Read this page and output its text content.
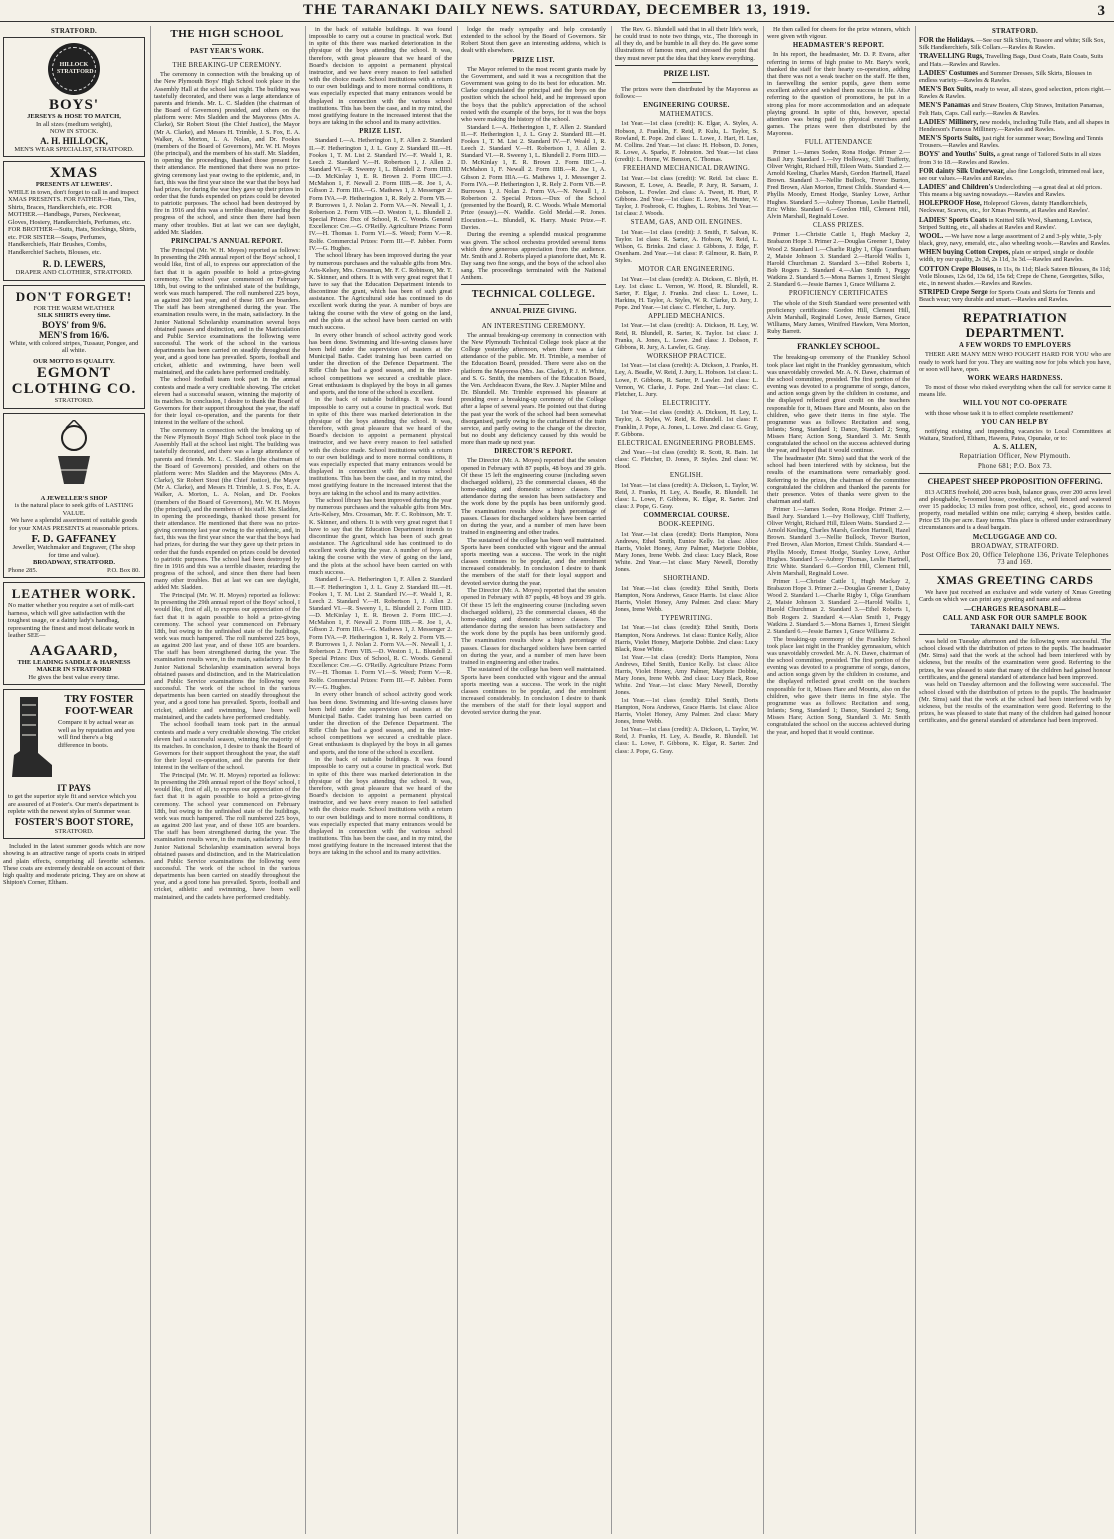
THE TARANAKI DAILY NEWS. SATURDAY, DECEMBER 13, 1919.	3
STRATFORD.
HILLOCK STRATFORD
BOYS'
JERSEYS & HOSE TO MATCH,
In all sizes (medium weight),
NOW IN STOCK.
A. H. HILLOCK,
MEN'S WEAR SPECIALIST, STRATFORD.
XMAS
PRESENTS AT LEWERS'.
WHILE in town, don't forget to call in and inspect XMAS PRESENTS. FOR FATHER—Hats, Ties, Shirts, Braces, Handkerchiefs, etc. FOR MOTHER.—Handbags, Purses, Neckwear, Gloves, Hosiery, Handkerchiefs, Perfumes, etc. FOR BROTHER—Suits, Hats, Stockings, Shirts, etc. FOR SISTER—Soaps, Perfumes, Handkerchiefs, Hair Brushes, Combs, Handkerchief Sachets, Blouses, etc.
R. D. LEWERS,
DRAPER AND CLOTHIER, STRATFORD.
DON'T FORGET!
FOR THE WARM WEATHER
SILK SHIRTS every time.
BOYS' from 9/6.
MEN'S from 16/6.
White, with colored stripes, Tussaur, Pongee, and all white.
OUR MOTTO IS QUALITY.
EGMONT
CLOTHING CO.
STRATFORD.
A JEWELLER'S SHOP
is the natural place to seek gifts of LASTING VALUE.
We have a splendid assortment of suitable goods for your XMAS PRESENTS at reasonable prices.
F. D. GAFFANEY
Jeweller, Watchmaker and Engraver, (The shop for time and value).
BROADWAY, STRATFORD.
Phone 285.	P.O. Box 80.
LEATHER WORK.
No matter whether you require a set of milk-cart harness, which will give satisfaction with the toughest usage, or a dainty lady's handbag, representing the finest and most delicate work in leather SEE—
AAGAARD,
THE LEADING SADDLE & HARNESS MAKER IN STRATFORD
He gives the best value every time.
TRY FOSTER FOOT-WEAR
Compare it by actual wear as well as by reputation and you will find there's a big difference in boots.
IT PAYS
to get the superior style fit and service which you are assured of at Foster's. Our men's department is replete with the newest styles of Summer wear.
FOSTER'S BOOT STORE,
STRATFORD.

Included in the latest summer goods which are now showing is an attractive range of sports coats in striped and plain effects, comprising all favorite schemes. These coats are extremely desirable on account of their high quality and moderate pricing. They are on show at Shipton's Corner, Eltham.

THE HIGH SCHOOL
PAST YEAR'S WORK.
THE BREAKING-UP CEREMONY.

The ceremony in connection with the breaking up of the New Plymouth Boys' High School took place in the Assembly Hall at the school last night. The building was tastefully decorated, and there was a large attendance of parents and friends. Mr. L. C. Sladden (the chairman of the Board of Governors) presided, and others on the platform were: Mrs Sladden and the Mayoress (Mrs A. Clarke), Sir Robert Stout (the Chief Justice), the Mayor (Mr A. Clarke), and Messrs H. Trimble, J. S. Fox, E. A. Walker, A. Morton, L. A. Nolan, and Dr. Fookes (members of the Board of Governors), Mr. W. H. Moyes (the principal), and the members of his staff. Mr. Sladden, in opening the proceedings, thanked those present for their attendance. He mentioned that there was no prize-giving ceremony last year owing to the epidemic, and, in fact, this was the first year since the war that the boys had had prizes, for during the war they gave up their prizes in order that the funds expended on prizes could be devoted to patriotic purposes. The school had been destroyed by fire in 1916 and this was a terrible disaster, retarding the progress of the school, and since then there had been many other troubles. But at last we can see daylight, added Mr. Sladden.

PRINCIPAL'S ANNUAL REPORT.

The Principal (Mr. W. H. Moyes) reported as follows: In presenting the 29th annual report of the Boys' school, I would like, first of all, to express our appreciation of the fact that it is again possible to hold a prize-giving ceremony. The school year commenced on February 18th, but owing to the unfinished state of the buildings, work was much hampered. The roll numbered 225 boys, as against 200 last year, and of these 105 are boarders. The staff has been strengthened during the year. The examination results were, in the main, satisfactory. In the Junior National Scholarship examination several boys obtained passes and distinction, and in the Matriculation and Public Service examinations the following were successful. The work of the school in the various departments has been carried on steadily throughout the year, and a good tone has prevailed. Sports, football and cricket, athletic and swimming, have been well maintained, and the cadets have performed creditably.

The school football team took part in the annual contests and made a very creditable showing. The cricket eleven had a successful season, winning the majority of its matches. In conclusion, I desire to thank the Board of Governors for their support throughout the year, the staff for their loyal co-operation, and the parents for their interest in the welfare of the school.

The ceremony in connection with the breaking up of the New Plymouth Boys' High School took place in the Assembly Hall at the school last night. The building was tastefully decorated, and there was a large attendance of parents and friends. Mr. L. C. Sladden (the chairman of the Board of Governors) presided, and others on the platform were: Mrs Sladden and the Mayoress (Mrs A. Clarke), Sir Robert Stout (the Chief Justice), the Mayor (Mr A. Clarke), and Messrs H. Trimble, J. S. Fox, E. A. Walker, A. Morton, L. A. Nolan, and Dr. Fookes (members of the Board of Governors), Mr. W. H. Moyes (the principal), and the members of his staff. Mr. Sladden, in opening the proceedings, thanked those present for their attendance. He mentioned that there was no prize-giving ceremony last year owing to the epidemic, and, in fact, this was the first year since the war that the boys had had prizes, for during the war they gave up their prizes in order that the funds expended on prizes could be devoted to patriotic purposes. The school had been destroyed by fire in 1916 and this was a terrible disaster, retarding the progress of the school, and since then there had been many other troubles. But at last we can see daylight, added Mr. Sladden.

The Principal (Mr. W. H. Moyes) reported as follows: In presenting the 29th annual report of the Boys' school, I would like, first of all, to express our appreciation of the fact that it is again possible to hold a prize-giving ceremony. The school year commenced on February 18th, but owing to the unfinished state of the buildings, work was much hampered. The roll numbered 225 boys, as against 200 last year, and of these 105 are boarders. The staff has been strengthened during the year. The examination results were, in the main, satisfactory. In the Junior National Scholarship examination several boys obtained passes and distinction, and in the Matriculation and Public Service examinations the following were successful. The work of the school in the various departments has been carried on steadily throughout the year, and a good tone has prevailed. Sports, football and cricket, athletic and swimming, have been well maintained, and the cadets have performed creditably.

The school football team took part in the annual contests and made a very creditable showing. The cricket eleven had a successful season, winning the majority of its matches. In conclusion, I desire to thank the Board of Governors for their support throughout the year, the staff for their loyal co-operation, and the parents for their interest in the welfare of the school.

The Principal (Mr. W. H. Moyes) reported as follows: In presenting the 29th annual report of the Boys' school, I would like, first of all, to express our appreciation of the fact that it is again possible to hold a prize-giving ceremony. The school year commenced on February 18th, but owing to the unfinished state of the buildings, work was much hampered. The roll numbered 225 boys, as against 200 last year, and of these 105 are boarders. The staff has been strengthened during the year. The examination results were, in the main, satisfactory. In the Junior National Scholarship examination several boys obtained passes and distinction, and in the Matriculation and Public Service examinations the following were successful. The work of the school in the various departments has been carried on steadily throughout the year, and a good tone has prevailed. Sports, football and cricket, athletic and swimming, have been well maintained, and the cadets have performed creditably.

in the back of suitable buildings. It was found impossible to carry out a course in practical work. But in spite of this there was marked deterioration in the physique of the boys attending the school. It was, therefore, with great pleasure that we heard of the Board's decision to appoint a permanent physical instructor, and we have every reason to feel satisfied with the choice made. School institutions with a return to our own buildings and to more normal conditions, it was especially expected that many entrances would be displayed in connection with the various school institutions. This has been the case, and in my mind, the most gratifying feature in the increased interest that the boys are taking in the school and its many activities.

PRIZE LIST.

Standard I.—A. Hetherington 1, F. Allen 2. Standard II.—F. Hetherington 1, J. L. Gray 2. Standard III.—H. Fookes 1, T. M. List 2. Standard IV.—F. Weald 1, R. Leech 2. Standard V.—H. Robertson 1, J. Allen 2. Standard VI.—R. Sweeny 1, L. Blundell 2. Form IIID.—D. McKinlay 1, E. R. Brown 2. Form IIIC.—J. McMahon 1, F. Newall 2. Form IIIB.—R. Joe 1, A. Gibson 2. Form IIIA.—G. Mathews 1, J. Messenger 2. Form IVA.—P. Hetherington 1, R. Rely 2. Form VB.—P. Burrowes 1, J. Nolan 2. Form VA.—N. Newall 1, J. Robertson 2. Form VIB.—D. Weston 1, L. Blundell 2. Special Prizes: Dux of School, R. C. Woods. General Excellence: Cre.—G. O'Reilly. Agriculture Prizes: Form IV.—H. Thomas 1. Form VI.—S. Weed; Form V.—R. Rolfe. Commercial Prizes: Form III.—F. Jubber. Form IV.—G. Hughes.

The school library has been improved during the year by numerous purchases and the valuable gifts from Mrs. Aris-Kelsey, Mrs. Crossman, Mr. F. C. Robinson, Mr. T. K. Skinner, and others. It is with very great regret that I have to say that the Education Department intends to discontinue the grant, which has been of such great assistance. The Agricultural side has continued to do excellent work during the year. A number of boys are taking the course with the view of going on the land, and the plots at the school have been carried on with much success.

In every other branch of school activity good work has been done. Swimming and life-saving classes have been held under the supervision of masters at the Municipal Baths. Cadet training has been carried on under the direction of the Defence Department. The Rifle Club has had a good season, and in the inter-school competitions we secured a creditable place. Great enthusiasm is displayed by the boys in all games and sports, and the tone of the school is excellent.

in the back of suitable buildings. It was found impossible to carry out a course in practical work. But in spite of this there was marked deterioration in the physique of the boys attending the school. It was, therefore, with great pleasure that we heard of the Board's decision to appoint a permanent physical instructor, and we have every reason to feel satisfied with the choice made. School institutions with a return to our own buildings and to more normal conditions, it was especially expected that many entrances would be displayed in connection with the various school institutions. This has been the case, and in my mind, the most gratifying feature in the increased interest that the boys are taking in the school and its many activities.

The school library has been improved during the year by numerous purchases and the valuable gifts from Mrs. Aris-Kelsey, Mrs. Crossman, Mr. F. C. Robinson, Mr. T. K. Skinner, and others. It is with very great regret that I have to say that the Education Department intends to discontinue the grant, which has been of such great assistance. The Agricultural side has continued to do excellent work during the year. A number of boys are taking the course with the view of going on the land, and the plots at the school have been carried on with much success.

Standard I.—A. Hetherington 1, F. Allen 2. Standard II.—F. Hetherington 1, J. L. Gray 2. Standard III.—H. Fookes 1, T. M. List 2. Standard IV.—F. Weald 1, R. Leech 2. Standard V.—H. Robertson 1, J. Allen 2. Standard VI.—R. Sweeny 1, L. Blundell 2. Form IIID.—D. McKinlay 1, E. R. Brown 2. Form IIIC.—J. McMahon 1, F. Newall 2. Form IIIB.—R. Joe 1, A. Gibson 2. Form IIIA.—G. Mathews 1, J. Messenger 2. Form IVA.—P. Hetherington 1, R. Rely 2. Form VB.—P. Burrowes 1, J. Nolan 2. Form VA.—N. Newall 1, J. Robertson 2. Form VIB.—D. Weston 1, L. Blundell 2. Special Prizes: Dux of School, R. C. Woods. General Excellence: Cre.—G. O'Reilly. Agriculture Prizes: Form IV.—H. Thomas 1. Form VI.—S. Weed; Form V.—R. Rolfe. Commercial Prizes: Form III.—F. Jubber. Form IV.—G. Hughes.

In every other branch of school activity good work has been done. Swimming and life-saving classes have been held under the supervision of masters at the Municipal Baths. Cadet training has been carried on under the direction of the Defence Department. The Rifle Club has had a good season, and in the inter-school competitions we secured a creditable place. Great enthusiasm is displayed by the boys in all games and sports, and the tone of the school is excellent.

in the back of suitable buildings. It was found impossible to carry out a course in practical work. But in spite of this there was marked deterioration in the physique of the boys attending the school. It was, therefore, with great pleasure that we heard of the Board's decision to appoint a permanent physical instructor, and we have every reason to feel satisfied with the choice made. School institutions with a return to our own buildings and to more normal conditions, it was especially expected that many entrances would be displayed in connection with the various school institutions. This has been the case, and in my mind, the most gratifying feature in the increased interest that the boys are taking in the school and its many activities.

lodge the ready sympathy and help constantly extended to the school by the Board of Governors. Sir Robert Stout then gave an interesting address, which is dealt with elsewhere.

PRIZE LIST.

The Mayor referred to the most recent grants made by the Government, and said it was a recognition that the Government was going to do its best for education. Mr. Clarke congratulated the principal and the boys on the position which the school held, and he impressed upon the boys that the public's appreciation of the school rested with the example of the boys, for it was the boys who were making the history of the school.

Standard I.—A. Hetherington 1, F. Allen 2. Standard II.—F. Hetherington 1, J. L. Gray 2. Standard III.—H. Fookes 1, T. M. List 2. Standard IV.—F. Weald 1, R. Leech 2. Standard V.—H. Robertson 1, J. Allen 2. Standard VI.—R. Sweeny 1, L. Blundell 2. Form IIID.—D. McKinlay 1, E. R. Brown 2. Form IIIC.—J. McMahon 1, F. Newall 2. Form IIIB.—R. Joe 1, A. Gibson 2. Form IIIA.—G. Mathews 1, J. Messenger 2. Form IVA.—P. Hetherington 1, R. Rely 2. Form VB.—P. Burrowes 1, J. Nolan 2. Form VA.—N. Newall 1, J. Robertson 2. Special Prizes.—Dux of the School (presented by the Board), R. C. Woods. Whale Memorial Prize (essay).—N. Waddle. Gold Medal.—R. Jones. Elocution.—L. Blundell, K. Harry. Music Prize.—F. Davies.

During the evening a splendid musical programme was given. The school orchestra provided several items which drew generous appreciation from the audience. Mr. Smith and J. Roberts played a pianoforte duet, Mr. R. Day sang two fine songs, and the boys of the school also sang. The proceedings terminated with the National Anthem.

TECHNICAL COLLEGE.
ANNUAL PRIZE GIVING.
AN INTERESTING CEREMONY.

The annual breaking-up ceremony in connection with the New Plymouth Technical College took place at the College yesterday afternoon, when there was a fair attendance of the public. Mr. H. Trimble, a member of the Education Board, presided. There were also on the platform the Mayoress (Mrs. Jas. Clarke), P. J. H. White, and S. G. Smith, the members of the Education Board, the Ven. Archdeacon Evans, the Rev. J. Napier Milne and Dr. Blundell. Mr. Trimble expressed his pleasure at presiding over a breaking-up ceremony of the College after a lapse of several years. He pointed out that during the past year the work of the school had been somewhat disorganised, partly owing to the curtailment of the train service, and partly owing to the change of the director, but no doubt any deficiency caused by this would be more than made up next year.

DIRECTOR'S REPORT.

The Director (Mr. A. Moyes) reported that the session opened in February with 87 pupils, 48 boys and 39 girls. Of these 15 left the engineering course (including seven discharged soldiers), 23 the commercial classes, 48 the home-making and domestic science classes. The attendance during the session has been satisfactory and the work done by the pupils has been uniformly good. The examination results show a high percentage of passes. Classes for discharged soldiers have been carried on during the year, and a number of men have been trained in engineering and other trades.

The sustained of the college has been well maintained. Sports have been conducted with vigour and the annual sports meeting was a success. The work in the night classes continues to be popular, and the enrolment increased considerably. In conclusion I desire to thank the members of the staff for their loyal support and devoted service during the year.

The Director (Mr. A. Moyes) reported that the session opened in February with 87 pupils, 48 boys and 39 girls. Of these 15 left the engineering course (including seven discharged soldiers), 23 the commercial classes, 48 the home-making and domestic science classes. The attendance during the session has been satisfactory and the work done by the pupils has been uniformly good. The examination results show a high percentage of passes. Classes for discharged soldiers have been carried on during the year, and a number of men have been trained in engineering and other trades.

The sustained of the college has been well maintained. Sports have been conducted with vigour and the annual sports meeting was a success. The work in the night classes continues to be popular, and the enrolment increased considerably. In conclusion I desire to thank the members of the staff for their loyal support and devoted service during the year.

The Rev. G. Blundell said that in all their life's work, he could trust to note two things, viz., The thorough in all they do, and be humble in all they do. He gave some illustrations of famous men, and stressed the point that they must never put the idea that they knew everything.

PRIZE LIST.

The prizes were then distributed by the Mayoress as follows:—

ENGINEERING COURSE.
MATHEMATICS.

1st Year.—1st class (credit): K. Elgar, A. Styles, A. Hobson, J. Franklin, F. Reid, P. Kulu, L. Taylor, S. Rowland, E. Pope. 2nd class: L. Lowe, J. Hart, H. Lee, M. Collins. 2nd Year.—1st class: H. Hobson, D. Jones, R. Lowe, A. Sparks, F. Johnston. 3rd Year.—1st class (credit): L. Horne, W. Benson, C. Thomas.

FREEHAND MECHANICAL DRAWING.

1st Year.—1st class (credit): W. Reid. 1st class: E. Rawson, E. Lowe, A. Beadle, P. Jury, R. Sarsam, J. Dobson, L. Fowler. 2nd class: A. Tweet, H. Hurt, P. Gibbons. 2nd Year.—1st class: E. Lowe, M. Hunter, V. Taylor, J. Fosbrook, C. Hughes, L. Robins. 3rd Year.—1st class: J. Woods.

STEAM, GAS, AND OIL ENGINES.

1st Year.—1st class (credit): J. Smith, F. Salvan, K. Taylor. 1st class: R. Sarter, A. Hobson, W. Reid, L. Wilson, G. Brinks. 2nd class: J. Gibbons, J. Edge, F. Oxenham. 2nd Year.—1st class: P. Gilmour, R. Bain, P. Styles.

MOTOR CAR ENGINEERING.

1st Year.—1st class (credit): A. Dickson, C. Blyth, H. Ley. 1st class: L. Vernon, W. Hood, R. Blundell, R. Sarter, F. Elgar, J. Franks. 2nd class: L. Lowe, L. Harkins, H. Taylor, A. Styles, W. R. Clarke, D. Jury, J. Pope. 2nd Year.—1st class: C. Fletcher, L. Jury.

APPLIED MECHANICS.

1st Year.—1st class (credit): A. Dickson, H. Ley, W. Reid, R. Blundell, R. Sarter, K. Taylor. 1st class: J. Franks, A. Jones, L. Lowe. 2nd class: J. Dobson, F. Gibbons, R. Jury, A. Lawler, G. Gray.

WORKSHOP PRACTICE.

1st Year.—1st class (credit): A. Dickson, J. Franks, H. Ley, A. Beadle, W. Reid, J. Jury, L. Hobson. 1st class: L. Lowe, F. Gibbons, R. Sarter, P. Lawler. 2nd class: L. Vernon, W. Clarke, J. Pope. 2nd Year.—1st class: C. Fletcher, L. Jury.

ELECTRICITY.

1st Year.—1st class (credit): A. Dickson, H. Ley, L. Taylor, A. Styles, W. Reid, R. Blundell. 1st class: F. Franklin, J. Pope, A. Jones, L. Lowe. 2nd class: G. Gray, F. Gibbons.

ELECTRICAL ENGINEERING PROBLEMS.

2nd Year.—1st class (credit): R. Scott, R. Bain. 1st class: C. Fletcher, D. Jones, P. Styles. 2nd class: W. Hood.

ENGLISH.

1st Year.—1st class (credit): A. Dickson, L. Taylor, W. Reid, J. Franks, H. Ley, A. Beadle, R. Blundell. 1st class: L. Lowe, F. Gibbons, K. Elgar, R. Sarter. 2nd class: J. Pope, G. Gray.

COMMERCIAL COURSE.
BOOK-KEEPING.

1st Year.—1st class (credit): Doris Hampton, Nora Andrews, Ethel Smith, Eunice Kelly. 1st class: Alice Harris, Violet Honey, Amy Palmer, Marjorie Dobbie, Mary Jones, Irene Webb. 2nd class: Lucy Black, Rose White. 2nd Year.—1st class: Mary Newell, Dorothy Jones.

SHORTHAND.

1st Year.—1st class (credit): Ethel Smith, Doris Hampton, Nora Andrews, Grace Harris. 1st class: Alice Harris, Violet Honey, Amy Palmer. 2nd class: Mary Jones, Irene Webb.

TYPEWRITING.

1st Year.—1st class (credit): Ethel Smith, Doris Hampton, Nora Andrews. 1st class: Eunice Kelly, Alice Harris, Violet Honey, Marjorie Dobbie. 2nd class: Lucy Black, Rose White.

1st Year.—1st class (credit): Doris Hampton, Nora Andrews, Ethel Smith, Eunice Kelly. 1st class: Alice Harris, Violet Honey, Amy Palmer, Marjorie Dobbie, Mary Jones, Irene Webb. 2nd class: Lucy Black, Rose White. 2nd Year.—1st class: Mary Newell, Dorothy Jones.

1st Year.—1st class (credit): Ethel Smith, Doris Hampton, Nora Andrews, Grace Harris. 1st class: Alice Harris, Violet Honey, Amy Palmer. 2nd class: Mary Jones, Irene Webb.

1st Year.—1st class (credit): A. Dickson, L. Taylor, W. Reid, J. Franks, H. Ley, A. Beadle, R. Blundell. 1st class: L. Lowe, F. Gibbons, K. Elgar, R. Sarter. 2nd class: J. Pope, G. Gray.

He then called for cheers for the prize winners, which were given with vigour.

HEADMASTER'S REPORT.

In his report, the headmaster, Mr. D. P. Evans, after referring in terms of high praise to Mr. Bary's work, thanked the staff for their hearty co-operation, adding that there was not a weak teacher on the staff. He then, in farewelling the senior pupils, gave them some excellent advice and wished them success in life. After referring to the question of promotions, he put in a strong plea for more accommodation and an adequate playing ground. In spite of this, however, special attention was being paid to physical exercises and games. The prizes were then distributed by the Mayoress.

FULL ATTENDANCE

Primer 1.—James Soden, Rona Hodge. Primer 2.—Basil Jury. Standard 1.—Ivy Holloway, Cliff Trafferty, Oliver Wright, Richard Hill, Eileen Watts. Standard 2.—Arnold Keeling, Charles Marsh, Gordon Hartnell, Hazel Brown. Standard 3.—Nellie Bullock, Trevor Burton, Fred Brown, Alan Morton, Ernest Childs. Standard 4.—Phyllis Moody, Ernest Hodge, Stanley Lowe, Arthur Hughes. Standard 5.—Aubrey Thomas, Leslie Hartnell, Eric White. Standard 6.—Gordon Hill, Clement Hill, Alvin Marshall, Reginald Lowe.

CLASS PRIZES.

Primer 1.—Christie Cattle 1, Hugh Mackay 2, Brabazon Hope 3. Primer 2.—Douglas Greener 1, Daisy Wood 2. Standard 1.—Charlie Rigby 1, Olga Grantham 2, Maisie Johnson 3. Standard 2.—Harold Wallis 1, Harold Churchman 2. Standard 3.—Ethel Roberts 1, Bob Rogers 2. Standard 4.—Alan Smith 1, Peggy Watkins 2. Standard 5.—Mona Barnes 1, Ernest Sleight 2. Standard 6.—Jessie Barnes 1, Grace Williams 2.

PROFICIENCY CERTIFICATES

The whole of the Sixth Standard were presented with proficiency certificates: Gordon Hill, Clement Hill, Alvin Marshall, Reginald Lowe, Jessie Barnes, Grace Williams, Mary James, Winifred Hawken, Vera Morton, Ruby Barrett.

FRANKLEY SCHOOL.

The breaking-up ceremony of the Frankley School took place last night in the Frankley gymnasium, which was unavoidably crowded. Mr. A. N. Dawe, chairman of the school committee, presided. The first portion of the evening was devoted to a programme of songs, dances, and action songs given by the children in costume, and the displayed reflected great credit on the teachers responsible for it, Misses Hare and Mounts, also on the children, who gave their items in fine style. The programme was as follows: Recitation and song, Infants; Song, Standard 1; Dance, Standard 2; Song, Misses Hare; Action Song, Standard 3. Mr. Smith congratulated the school on the success achieved during the year, and hoped that it would continue.

The headmaster (Mr. Sims) said that the work of the school had been interfered with by sickness, but the results of the examinations were remarkably good. Referring to the prizes, the chairman of the committee congratulated the children and thanked the parents for their presence. Votes of thanks were given to the chairman and staff.

Primer 1.—James Soden, Rona Hodge. Primer 2.—Basil Jury. Standard 1.—Ivy Holloway, Cliff Trafferty, Oliver Wright, Richard Hill, Eileen Watts. Standard 2.—Arnold Keeling, Charles Marsh, Gordon Hartnell, Hazel Brown. Standard 3.—Nellie Bullock, Trevor Burton, Fred Brown, Alan Morton, Ernest Childs. Standard 4.—Phyllis Moody, Ernest Hodge, Stanley Lowe, Arthur Hughes. Standard 5.—Aubrey Thomas, Leslie Hartnell, Eric White. Standard 6.—Gordon Hill, Clement Hill, Alvin Marshall, Reginald Lowe.

Primer 1.—Christie Cattle 1, Hugh Mackay 2, Brabazon Hope 3. Primer 2.—Douglas Greener 1, Daisy Wood 2. Standard 1.—Charlie Rigby 1, Olga Grantham 2, Maisie Johnson 3. Standard 2.—Harold Wallis 1, Harold Churchman 2. Standard 3.—Ethel Roberts 1, Bob Rogers 2. Standard 4.—Alan Smith 1, Peggy Watkins 2. Standard 5.—Mona Barnes 1, Ernest Sleight 2. Standard 6.—Jessie Barnes 1, Grace Williams 2.

The breaking-up ceremony of the Frankley School took place last night in the Frankley gymnasium, which was unavoidably crowded. Mr. A. N. Dawe, chairman of the school committee, presided. The first portion of the evening was devoted to a programme of songs, dances, and action songs given by the children in costume, and the displayed reflected great credit on the teachers responsible for it, Misses Hare and Mounts, also on the children, who gave their items in fine style. The programme was as follows: Recitation and song, Infants; Song, Standard 1; Dance, Standard 2; Song, Misses Hare; Action Song, Standard 3. Mr. Smith congratulated the school on the success achieved during the year, and hoped that it would continue.

STRATFORD.
FOR the Holidays. —See our Silk Shirts, Tussore and white; Silk Sox, Silk Handkerchiefs, Silk Collars.—Rawles & Rawles.
TRAVELLING Rugs, Travelling Bags, Dust Coats, Rain Coats, Suits and Hats.—Rawles and Rawles.
LADIES' Costumes and Summer Dresses, Silk Skirts, Blouses in endless variety.—Rawles & Rawles.
MEN'S Box Suits, ready to wear, all sizes, good selection, prices right.—Rawles & Rawles.
MEN'S Panamas and Straw Boaters, Chip Straws, Imitation Panamas, Felt Hats, Caps. Call early.—Rawles & Rawles.
LADIES' Millinery, new models, including Tulle Hats, and all shapes in Henderson's Famous Millinery.—Rawles and Rawles.
MEN'S Sports Suits, just right for summer wear; Bowling and Tennis Trousers.—Rawles and Rawles.
BOYS' and Youths' Suits, a great range of Tailored Suits in all sizes from 3 to 18.—Rawles and Rawles.
FOR dainty Silk Underwear, also fine Longcloth, trimmed real lace, see our values.—Rawles and Rawles.
LADIES' and Children's Underclothing —a great deal at old prices. This means a big saving nowadays.—Rawles and Rawles.
HOLEPROOF Hose, Holeproof Gloves, dainty Handkerchiefs, Neckwear, Scarves, etc., for Xmas Presents, at Rawles and Rawles'.
LADIES' Sports Coats in Knitted Silk Wool, Shantung, Luvisca, Striped Suiting, etc., all shades at Rawles and Rawles'.
WOOL. —We have now a large assortment of 2 and 3-ply white, 3-ply black, grey, navy, emerald, etc., also wheeling wools.—Rawles and Rawles.
WHEN buying Cotton Crepes, plain or striped, single or double width, try our quality, 2s 3d, 2s 11d, 3s 3d.—Rawles and Rawles.
COTTON Crepe Blouses, in 11s, 8s 11d; Black Sateen Blouses, 8s 11d; Voile Blouses, 12s 6d, 13s 6d, 15s 6d; Crepe de Chene, Georgettes, Silks, etc., in newest shades.—Rawles and Rawles.
STRIPED Crepe Serge for Sports Coats and Skirts for Tennis and Beach wear; very durable and smart.—Rawles and Rawles.
REPATRIATION DEPARTMENT.
A FEW WORDS TO EMPLOYERS

THERE ARE MANY MEN WHO FOUGHT HARD FOR YOU who are ready to work hard for you. They are waiting now for jobs which you have, or soon will have, open.

WORK WEARS HARDNESS.

To most of those who risked everything when the call for service came it means life.

WILL YOU NOT CO-OPERATE

with those whose task it is to effect complete resettlement?

YOU CAN HELP BY

notifying existing and impending vacancies to Local Committees at Waitara, Stratford, Eltham, Hawera, Patea, Opunake, or to:

A. S. ALLEN,
Repatriation Officer, New Plymouth.
Phone 681; P.O. Box 73.
CHEAPEST SHEEP PROPOSITION OFFERING.

813 ACRES freehold, 200 acres bush, balance grass, over 200 acres level and ploughable, 5-roomed house, cowshed, etc., well fenced and watered over 15 paddocks; 13 miles from post office, school, etc., good access to property, road metalled within one mile; carrying 4 sheep, besides cattle. Price £5 10s per acre. Easy terms. This place is offered under extraordinary circumstances and is a dead bargain.

McCLUGGAGE AND CO.
BROADWAY, STRATFORD.
Post Office Box 20, Office Telephone 136, Private Telephones 73 and 169.
XMAS GREETING CARDS

We have just received an exclusive and wide variety of Xmas Greeting Cards on which we can print any greeting and name and address

—CHARGES REASONABLE—
CALL AND ASK FOR OUR SAMPLE BOOK
TARANAKI DAILY NEWS.

was held on Tuesday afternoon and the following were successful. The school closed with the distribution of prizes to the pupils. The headmaster (Mr. Sims) said that the work at the school had been interfered with by sickness, but the results of the examination were good. Referring to the prizes, he was pleased to state that many of the children had gained honour certificates, and the general standard of attendance had been improved.

was held on Tuesday afternoon and the following were successful. The school closed with the distribution of prizes to the pupils. The headmaster (Mr. Sims) said that the work at the school had been interfered with by sickness, but the results of the examination were good. Referring to the prizes, he was pleased to state that many of the children had gained honour certificates, and the general standard of attendance had been improved.
